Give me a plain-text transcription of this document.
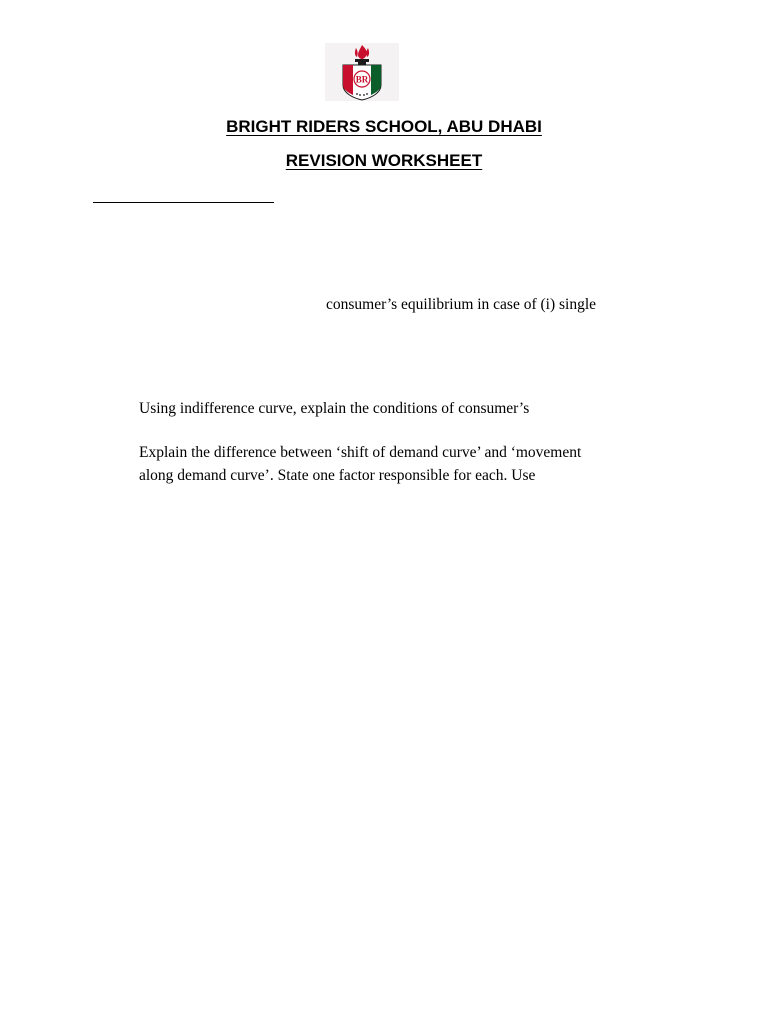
BR
BRIGHT RIDERS SCHOOL, ABU DHABI
REVISION WORKSHEET
consumer’s equilibrium in case of (i) single
Using indifference curve, explain the conditions of consumer’s
Explain the difference between ‘shift of demand curve’ and ‘movement
along demand curve’. State one factor responsible for each. Use
